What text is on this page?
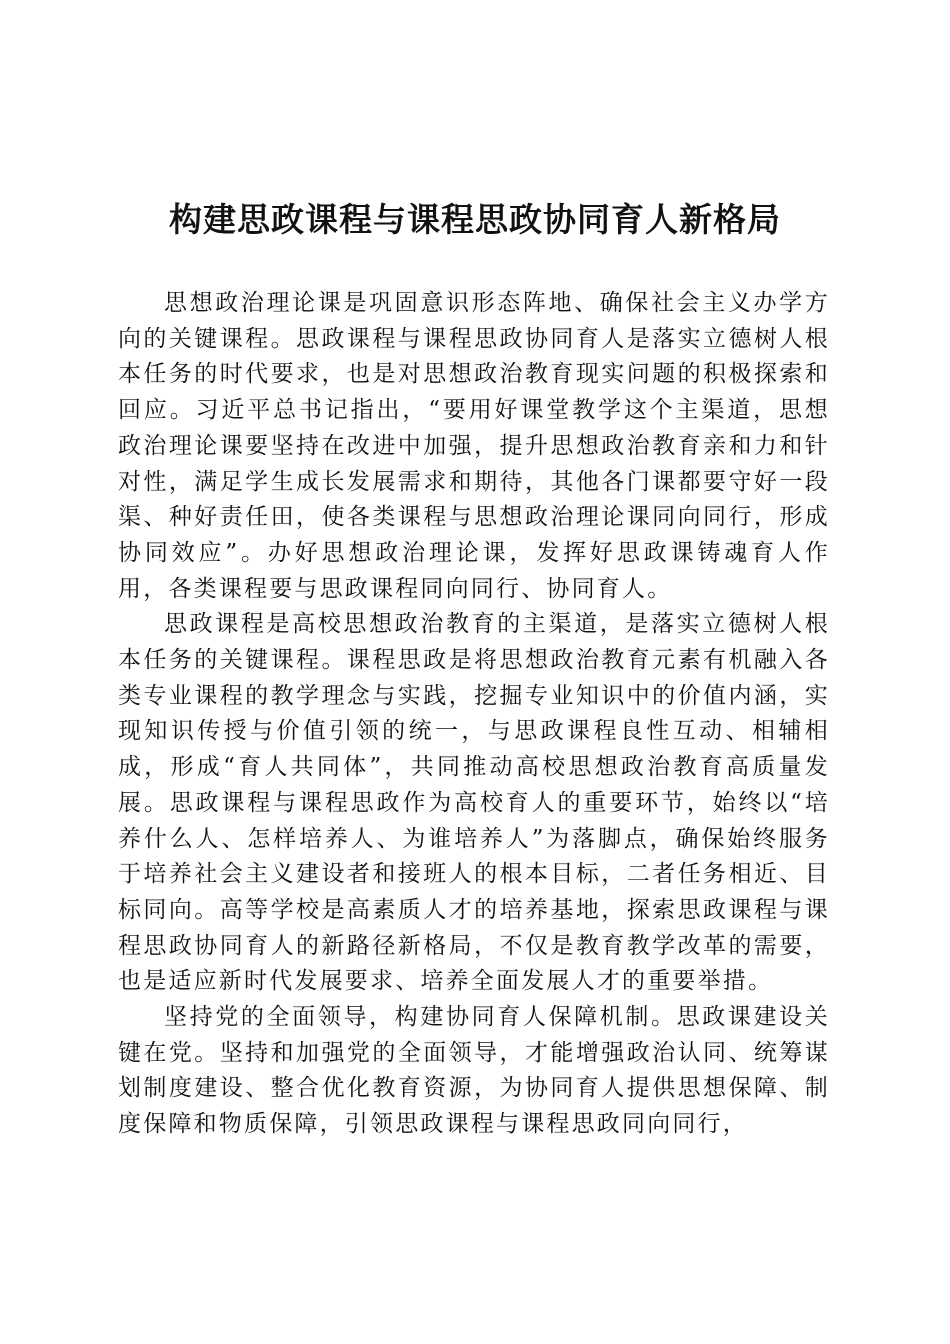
构建思政课程与课程思政协同育人新格局

思想政治理论课是巩固意识形态阵地、确保社会主义办学方向的关键课程。思政课程与课程思政协同育人是落实立德树人根本任务的时代要求，也是对思想政治教育现实问题的积极探索和回应。习近平总书记指出，“要用好课堂教学这个主渠道，思想政治理论课要坚持在改进中加强，提升思想政治教育亲和力和针对性，满足学生成长发展需求和期待，其他各门课都要守好一段渠、种好责任田，使各类课程与思想政治理论课同向同行，形成协同效应”。办好思想政治理论课，发挥好思政课铸魂育人作用，各类课程要与思政课程同向同行、协同育人。

思政课程是高校思想政治教育的主渠道，是落实立德树人根本任务的关键课程。课程思政是将思想政治教育元素有机融入各类专业课程的教学理念与实践，挖掘专业知识中的价值内涵，实现知识传授与价值引领的统一，与思政课程良性互动、相辅相成，形成“育人共同体”，共同推动高校思想政治教育高质量发展。思政课程与课程思政作为高校育人的重要环节，始终以“培养什么人、怎样培养人、为谁培养人”为落脚点，确保始终服务于培养社会主义建设者和接班人的根本目标，二者任务相近、目标同向。高等学校是高素质人才的培养基地，探索思政课程与课程思政协同育人的新路径新格局，不仅是教育教学改革的需要，也是适应新时代发展要求、培养全面发展人才的重要举措。

坚持党的全面领导，构建协同育人保障机制。思政课建设关键在党。坚持和加强党的全面领导，才能增强政治认同、统筹谋划制度建设、整合优化教育资源，为协同育人提供思想保障、制度保障和物质保障，引领思政课程与课程思政同向同行，
